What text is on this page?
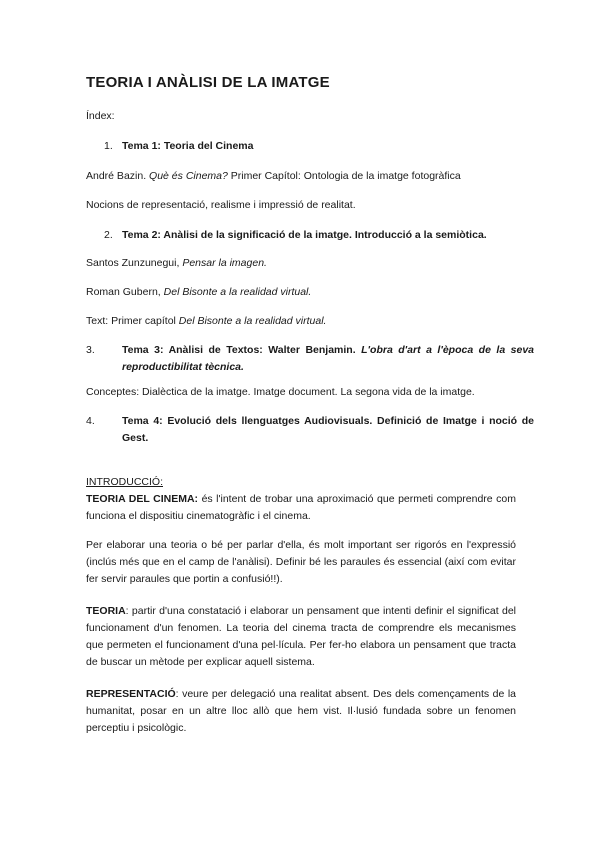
TEORIA I ANÀLISI DE LA IMATGE
Índex:
1. Tema 1: Teoria del Cinema
André Bazin. Què és Cinema? Primer Capítol: Ontologia de la imatge fotogràfica
Nocions de representació, realisme i impressió de realitat.
2. Tema 2: Anàlisi de la significació de la imatge. Introducció a la semiòtica.
Santos Zunzunegui, Pensar la imagen.
Roman Gubern, Del Bisonte a la realidad virtual.
Text: Primer capítol Del Bisonte a la realidad virtual.
3.	Tema 3: Anàlisi de Textos: Walter Benjamin. L'obra d'art a l'època de la seva reproductibilitat tècnica.
Conceptes: Dialèctica de la imatge. Imatge document. La segona vida de la imatge.
4.	Tema 4: Evolució dels llenguatges Audiovisuals. Definició de Imatge i noció de Gest.
INTRODUCCIÓ:
TEORIA DEL CINEMA: és l'intent de trobar una aproximació que permeti comprendre com funciona el dispositiu cinematogràfic i el cinema.
Per elaborar una teoria o bé per parlar d'ella, és molt important ser rigorós en l'expressió (inclús més que en el camp de l'anàlisi). Definir bé les paraules és essencial (així com evitar fer servir paraules que portin a confusió!!).
TEORIA: partir d'una constatació i elaborar un pensament que intenti definir el significat del funcionament d'un fenomen. La teoria del cinema tracta de comprendre els mecanismes que permeten el funcionament d'una pel·lícula. Per fer-ho elabora un pensament que tracta de buscar un mètode per explicar aquell sistema.
REPRESENTACIÓ: veure per delegació una realitat absent. Des dels començaments de la humanitat, posar en un altre lloc allò que hem vist. Il·lusió fundada sobre un fenomen perceptiu i psicològic.
